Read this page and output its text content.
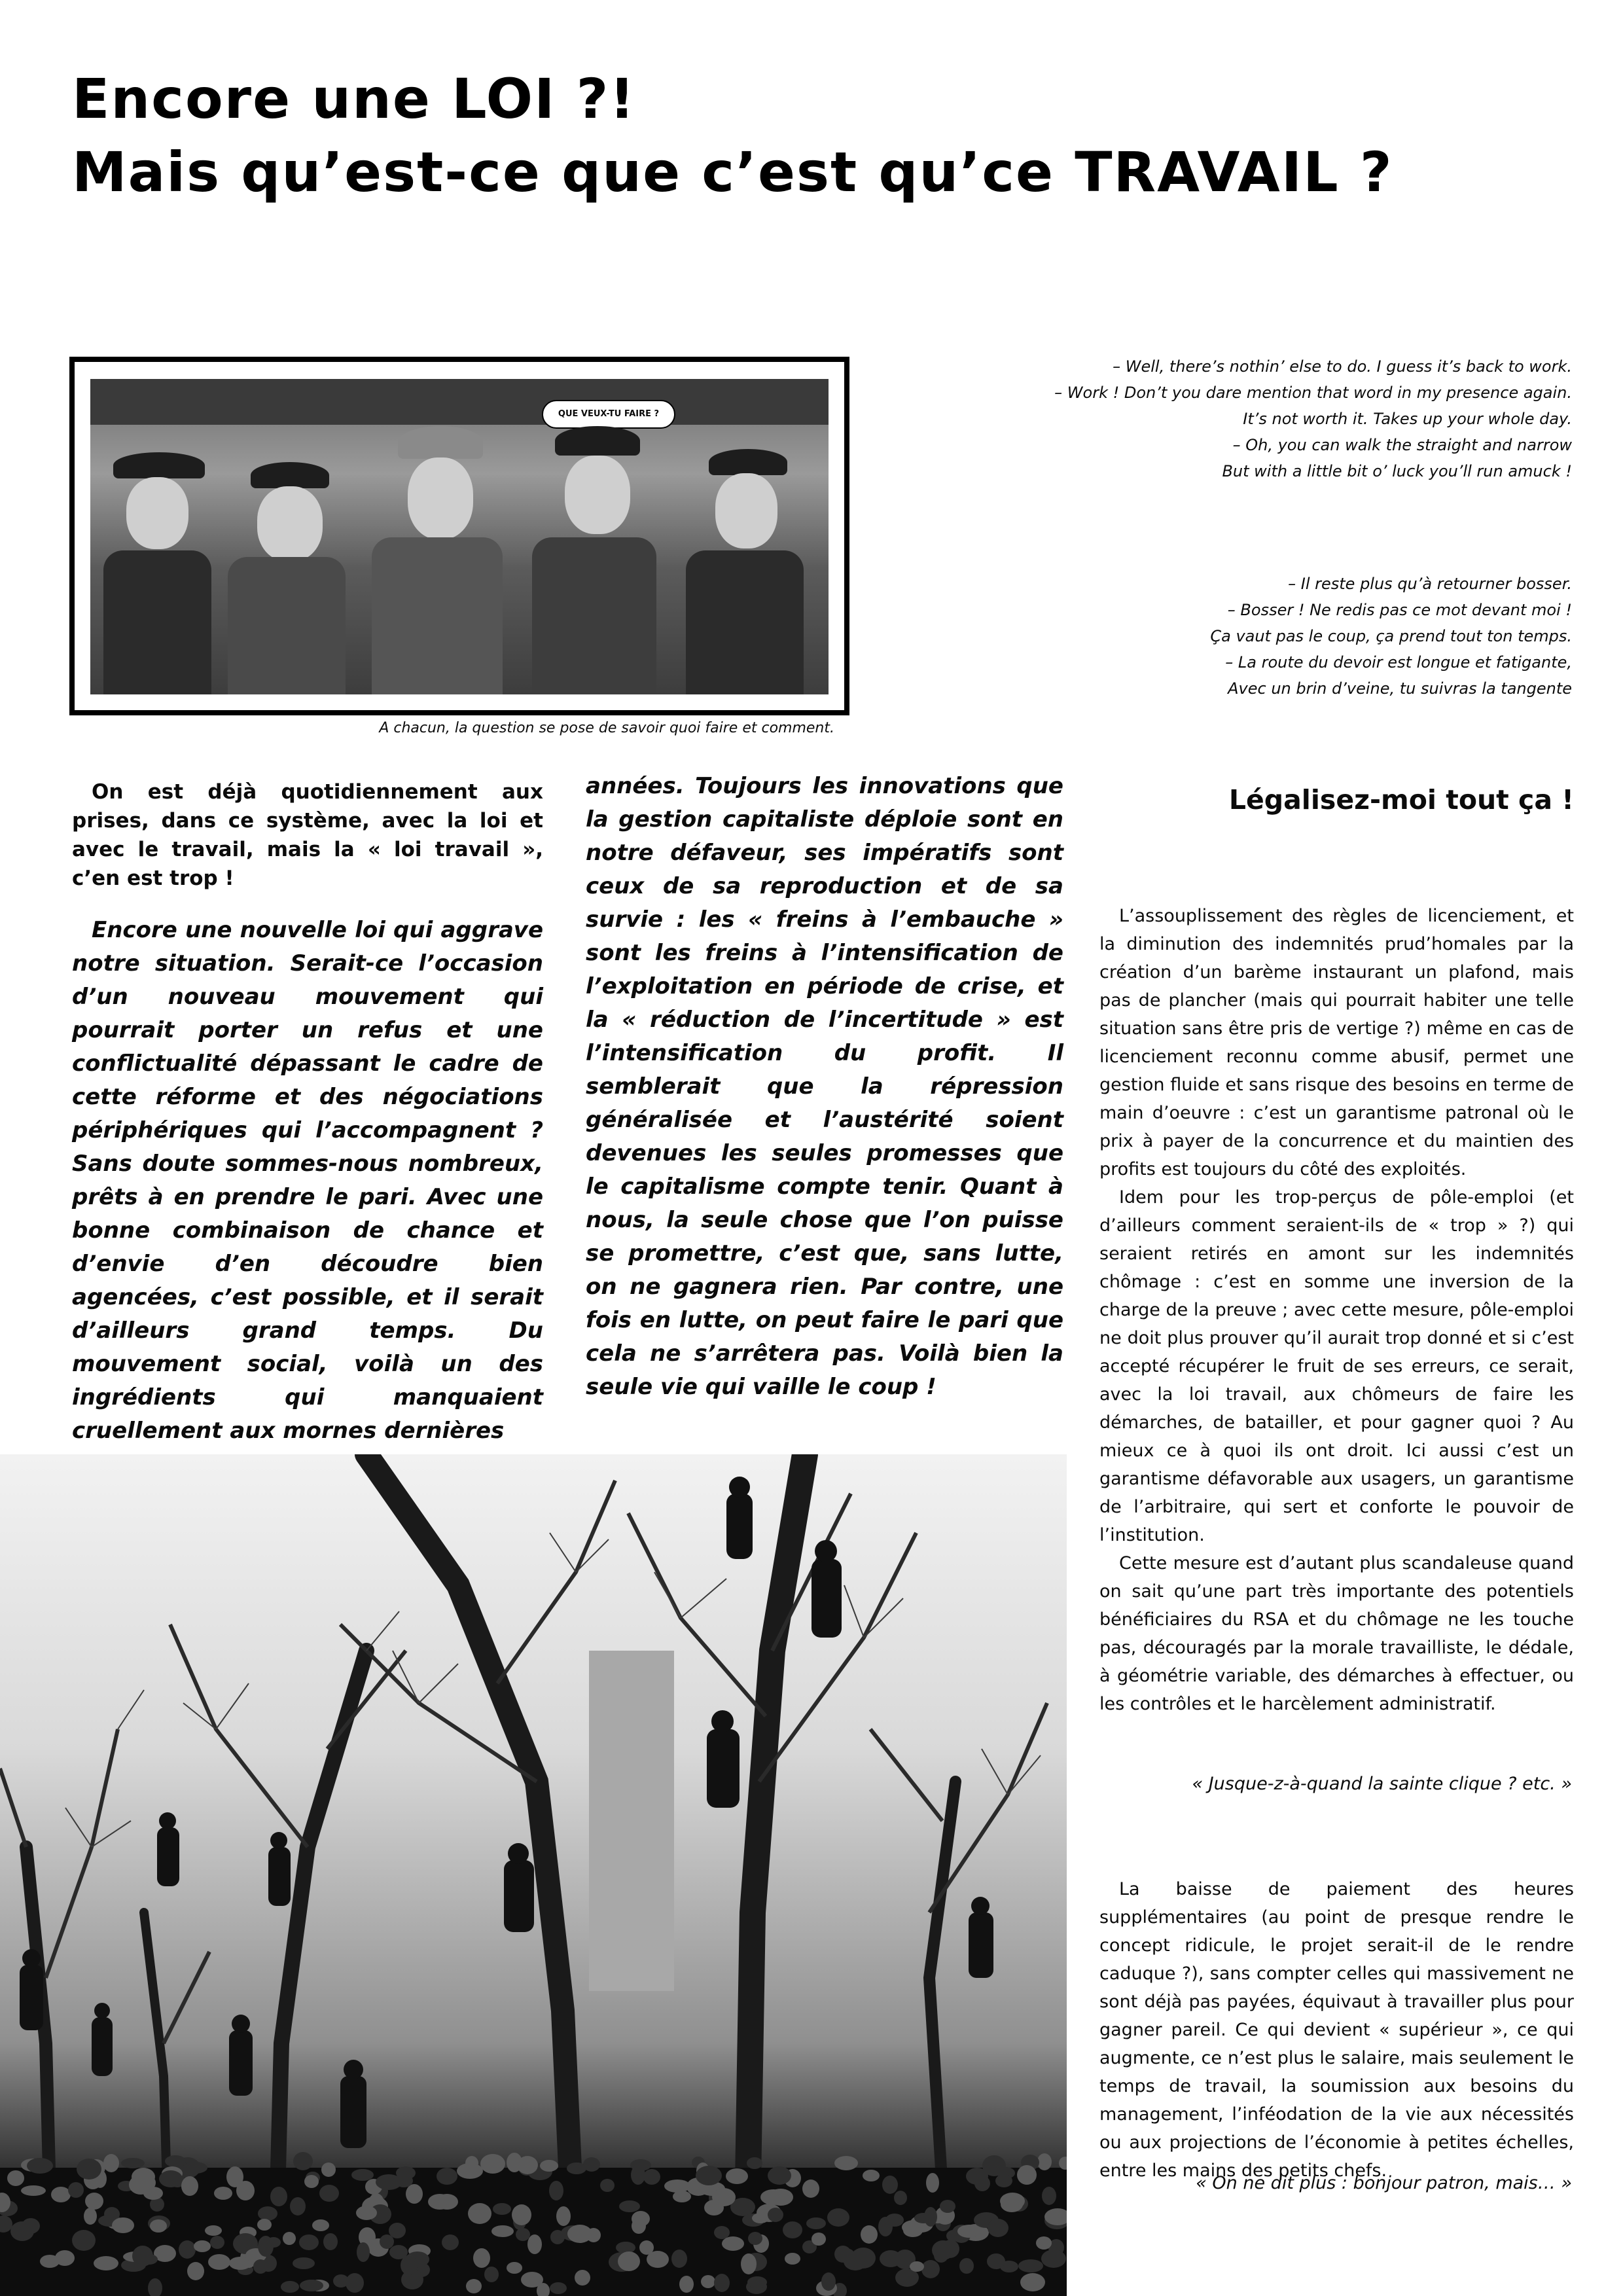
Encore une LOI ?!
Mais qu’est-ce que c’est qu’ce TRAVAIL ?
QUE VEUX-TU FAIRE ?
A chacun, la question se pose de savoir quoi faire et comment.
– Well, there’s nothin’ else to do. I guess it’s back to work.
– Work ! Don’t you dare mention that word in my presence again.
It’s not worth it. Takes up your whole day.
– Oh, you can walk the straight and narrow
But with a little bit o’ luck you’ll run amuck !
– Il reste plus qu’à retourner bosser.
– Bosser ! Ne redis pas ce mot devant moi !
Ça vaut pas le coup, ça prend tout ton temps.
– La route du devoir est longue et fatigante,
Avec un brin d’veine, tu suivras la tangente
On est déjà quotidiennement aux prises, dans ce système, avec la loi et avec le travail, mais la « loi travail », c’en est trop !
Encore une nouvelle loi qui aggrave notre situation. Serait-ce l’occasion d’un nouveau mouvement qui pourrait porter un refus et une conflictualité dépassant le cadre de cette réforme et des négociations périphériques qui l’accompagnent ? Sans doute sommes-nous nombreux, prêts à en prendre le pari. Avec une bonne combinaison de chance et d’envie d’en découdre bien agencées, c’est possible, et il serait d’ailleurs grand temps. Du mouvement social, voilà un des ingrédients qui manquaient cruellement aux mornes dernières
années. Toujours les innovations que la gestion capitaliste déploie sont en notre défaveur, ses impératifs sont ceux de sa reproduction et de sa survie : les « freins à l’embauche » sont les freins à l’intensification de l’exploitation en période de crise, et la « réduction de l’incertitude » est l’intensification du profit. Il semblerait que la répression généralisée et l’austérité soient devenues les seules promesses que le capitalisme compte tenir. Quant à nous, la seule chose que l’on puisse se promettre, c’est que, sans lutte, on ne gagnera rien. Par contre, une fois en lutte, on peut faire le pari que cela ne s’arrêtera pas. Voilà bien la seule vie qui vaille le coup !
Légalisez-moi tout ça !

L’assouplissement des règles de licenciement, et la diminution des indemnités prud’homales par la création d’un barème instaurant un plafond, mais pas de plancher (mais qui pourrait habiter une telle situation sans être pris de vertige ?) même en cas de licenciement reconnu comme abusif, permet une gestion fluide et sans risque des besoins en terme de main d’oeuvre : c’est un garantisme patronal où le prix à payer de la concurrence et du maintien des profits est toujours du côté des exploités.

Idem pour les trop-perçus de pôle-emploi (et d’ailleurs comment seraient-ils de « trop » ?) qui seraient retirés en amont sur les indemnités chômage : c’est en somme une inversion de la charge de la preuve ; avec cette mesure, pôle-emploi ne doit plus prouver qu’il aurait trop donné et si c’est accepté récupérer le fruit de ses erreurs, ce serait, avec la loi travail, aux chômeurs de faire les démarches, de batailler, et pour gagner quoi ? Au mieux ce à quoi ils ont droit. Ici aussi c’est un garantisme défavorable aux usagers, un garantisme de l’arbitraire, qui sert et conforte le pouvoir de l’institution.

Cette mesure est d’autant plus scandaleuse quand on sait qu’une part très importante des potentiels bénéficiaires du RSA et du chômage ne les touche pas, découragés par la morale travailliste, le dédale, à géométrie variable, des démarches à effectuer, ou les contrôles et le harcèlement administratif.

« Jusque-z-à-quand la sainte clique ? etc. »

La baisse de paiement des heures supplémentaires (au point de presque rendre le concept ridicule, le projet serait-il de le rendre caduque ?), sans compter celles qui massivement ne sont déjà pas payées, équivaut à travailler plus pour gagner pareil. Ce qui devient « supérieur », ce qui augmente, ce n’est plus le salaire, mais seulement le temps de travail, la soumission aux besoins du management, l’inféodation de la vie aux nécessités ou aux projections de l’économie à petites échelles, entre les mains des petits chefs.

« On ne dit plus : bonjour patron, mais… »
